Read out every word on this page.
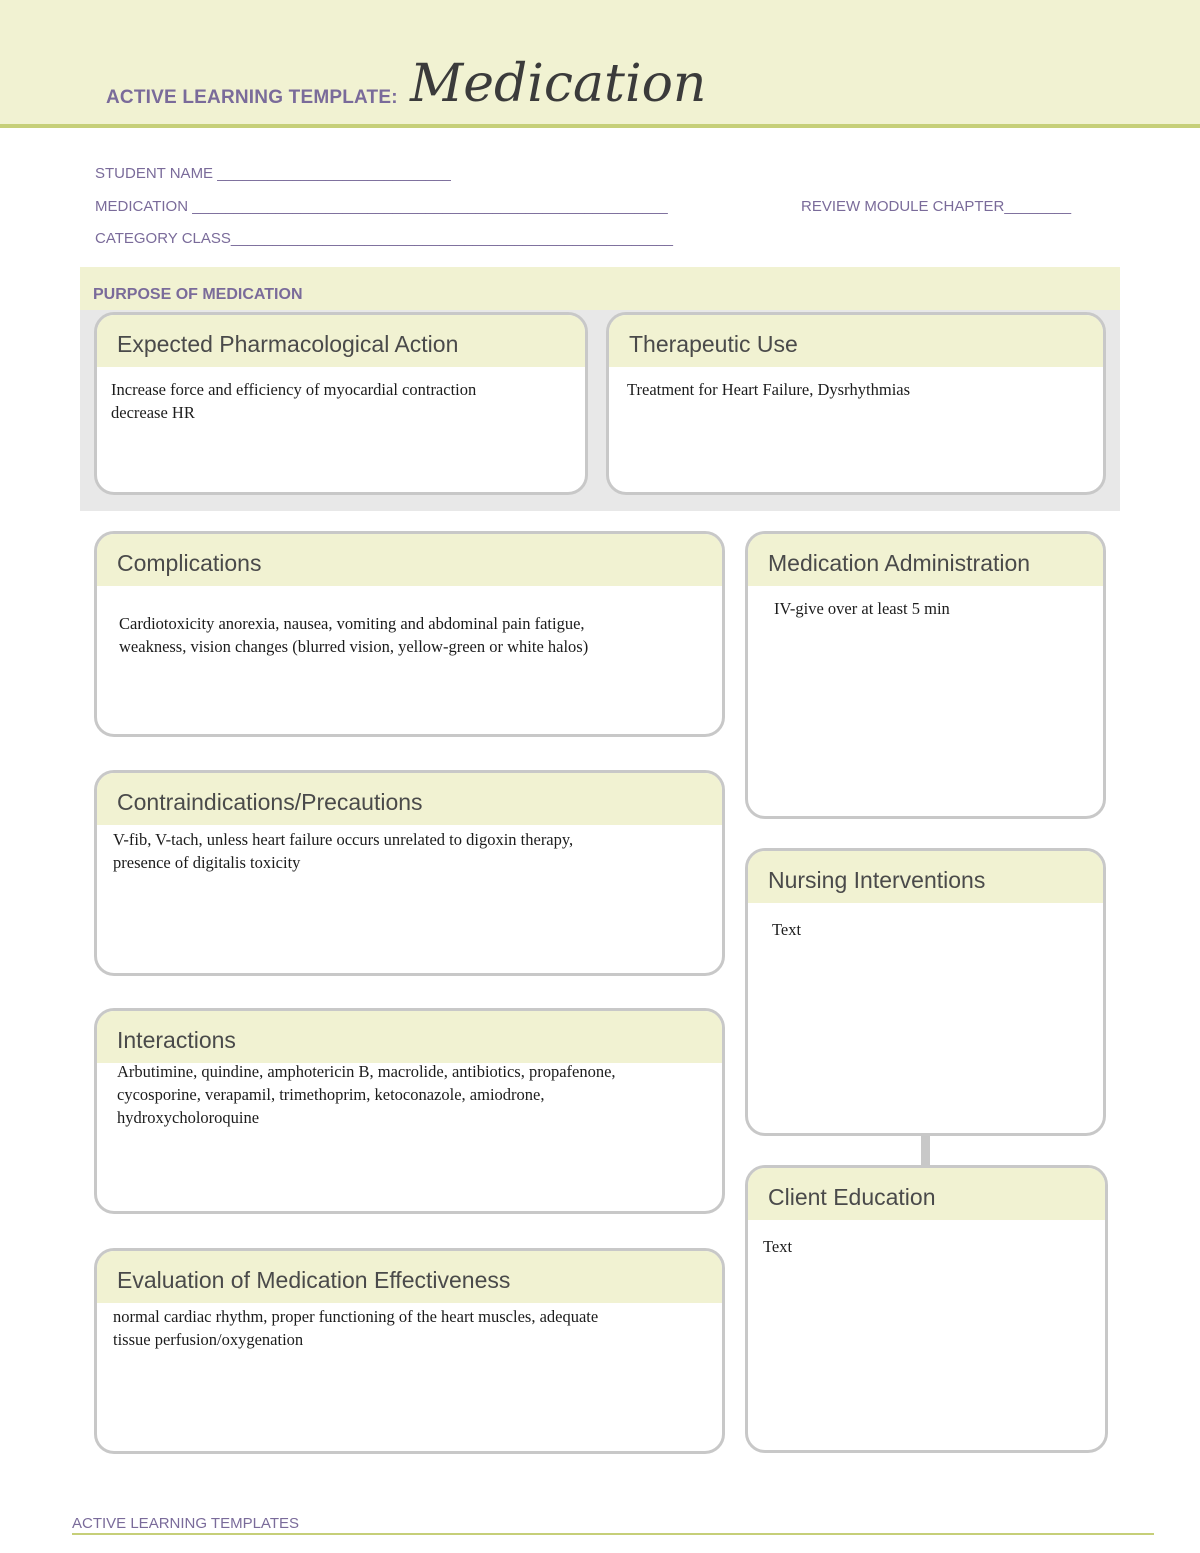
ACTIVE LEARNING TEMPLATE: Medication
STUDENT NAME ____________________________
MEDICATION _________________________________________________________	REVIEW MODULE CHAPTER________
CATEGORY CLASS_____________________________________________________
PURPOSE OF MEDICATION
Expected Pharmacological Action
Increase force and efficiency of myocardial contraction
decrease HR
Therapeutic Use
Treatment for Heart Failure, Dysrhythmias
Complications
Cardiotoxicity anorexia, nausea, vomiting and abdominal pain fatigue,
weakness, vision changes (blurred vision, yellow-green or white halos)
Medication Administration
IV-give over at least 5 min
Contraindications/Precautions
V-fib, V-tach, unless heart failure occurs unrelated to digoxin therapy,
presence of digitalis toxicity
Nursing Interventions
Text
Interactions
Arbutimine, quindine, amphotericin B, macrolide, antibiotics, propafenone,
cycosporine, verapamil, trimethoprim, ketoconazole, amiodrone,
hydroxycholoroquine
Client Education
Text
Evaluation of Medication Effectiveness
normal cardiac rhythm, proper functioning of the heart muscles, adequate
tissue perfusion/oxygenation
ACTIVE LEARNING TEMPLATES
